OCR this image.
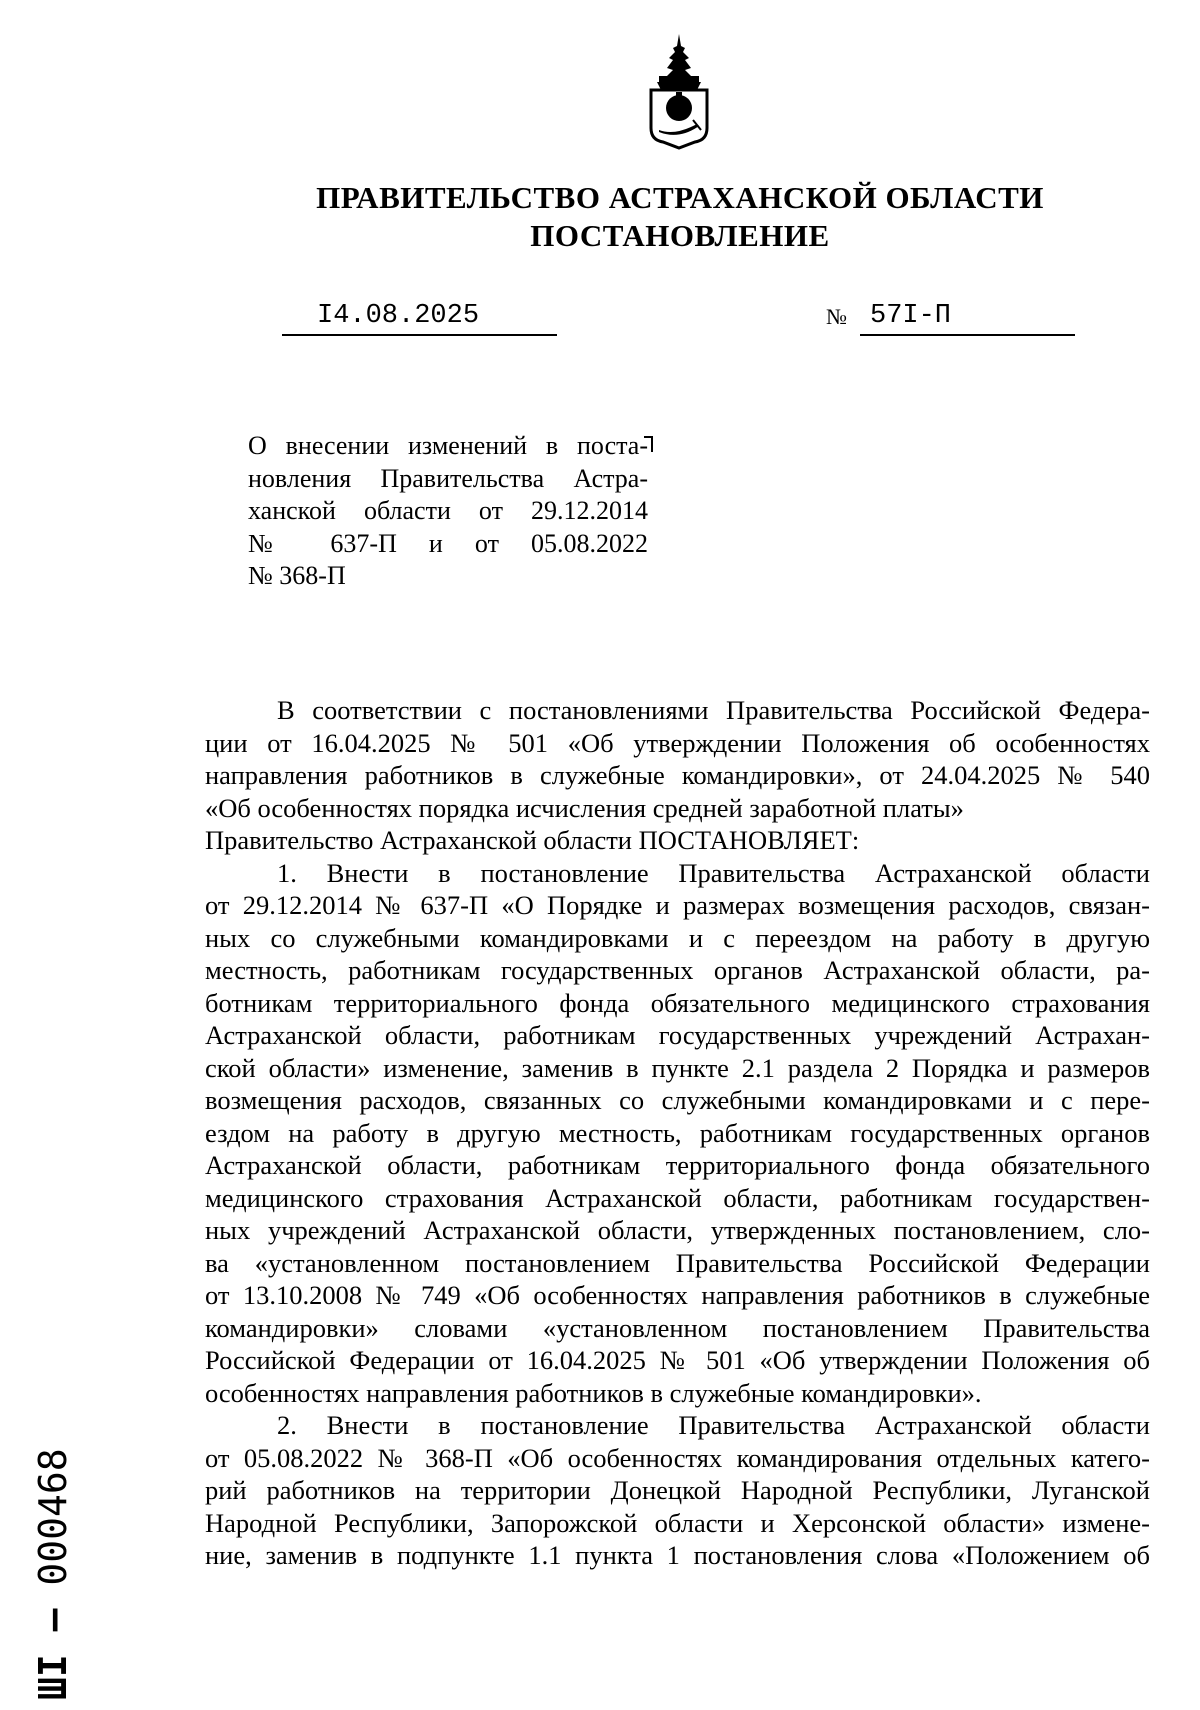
ПРАВИТЕЛЬСТВО АСТРАХАНСКОЙ ОБЛАСТИ
ПОСТАНОВЛЕНИЕ
I4.08.2025	№ 57I-П
О внесении изменений в поста-
новления Правительства Астра-
ханской области от 29.12.2014
№ 637-П и от 05.08.2022
№ 368-П
В соответствии с постановлениями Правительства Российской Федера-
ции от 16.04.2025 № 501 «Об утверждении Положения об особенностях
направления работников в служебные командировки», от 24.04.2025 № 540
«Об особенностях порядка исчисления средней заработной платы»
Правительство Астраханской области ПОСТАНОВЛЯЕТ:
1. Внести в постановление Правительства Астраханской области
от 29.12.2014 № 637-П «О Порядке и размерах возмещения расходов, связан-
ных со служебными командировками и с переездом на работу в другую
местность, работникам государственных органов Астраханской области, ра-
ботникам территориального фонда обязательного медицинского страхования
Астраханской области, работникам государственных учреждений Астрахан-
ской области» изменение, заменив в пункте 2.1 раздела 2 Порядка и размеров
возмещения расходов, связанных со служебными командировками и с пере-
ездом на работу в другую местность, работникам государственных органов
Астраханской области, работникам территориального фонда обязательного
медицинского страхования Астраханской области, работникам государствен-
ных учреждений Астраханской области, утвержденных постановлением, сло-
ва «установленном постановлением Правительства Российской Федерации
от 13.10.2008 № 749 «Об особенностях направления работников в служебные
командировки» словами «установленном постановлением Правительства
Российской Федерации от 16.04.2025 № 501 «Об утверждении Положения об
особенностях направления работников в служебные командировки».
2. Внести в постановление Правительства Астраханской области
от 05.08.2022 № 368-П «Об особенностях командирования отдельных катего-
рий работников на территории Донецкой Народной Республики, Луганской
Народной Республики, Запорожской области и Херсонской области» измене-
ние, заменив в подпункте 1.1 пункта 1 постановления слова «Положением об
ШI – 000468
